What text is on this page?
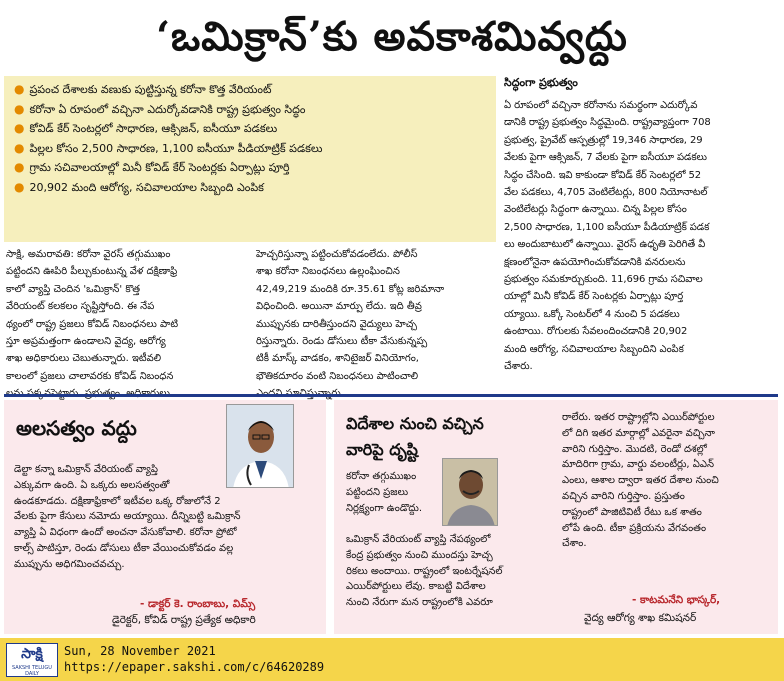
‘ఒమిక్రాన్’కు అవకాశమివ్వద్దు
● ప్రపంచ దేశాలకు వణుకు పుట్టిస్తున్న కరోనా కొత్త వేరియంట్
● కరోనా ఏ రూపంలో వచ్చినా ఎదుర్కోవడానికి రాష్ట్ర ప్రభుత్వం సిద్ధం
● కోవిడ్ కేర్ సెంటర్లలో సాధారణ, ఆక్సిజన్, ఐసీయూ పడకలు
● పిల్లల కోసం 2,500 సాధారణ, 1,100 ఐసీయూ పీడియాట్రిక్ పడకలు
● గ్రామ సచివాలయాల్లో మినీ కోవిడ్ కేర్ సెంటర్లకు ఏర్పాట్లు పూర్తి
● 20,902 మంది ఆరోగ్య, సచివాలయాల సిబ్బంది ఎంపిక

సాక్షి, అమరావతి: కరోనా వైరస్ తగ్గుముఖం

పట్టిందని ఊపిరి పీల్చుకుంటున్న వేళ దక్షిణాఫ్రి

కాలో వ్యాప్తి చెందిన 'ఒమిక్రాన్' కొత్త

వేరియంట్ కలకలం సృష్టిస్తోంది. ఈ నేప

థ్యంలో రాష్ట్ర ప్రజలు కోవిడ్ నిబంధనలు పాటి

స్తూ అప్రమత్తంగా ఉండాలని వైద్య, ఆరోగ్య

శాఖ అధికారులు చెబుతున్నారు. ఇటీవలి

కాలంలో ప్రజలు చాలావరకు కోవిడ్ నిబంధన

హెచ్చరిస్తున్నా పట్టించుకోవడంలేదు. పోలీస్

శాఖ కరోనా నిబంధనలు ఉల్లంఘించిన

42,49,219 మందికి రూ.35.61 కోట్ల జరిమానా

విధించింది. అయినా మార్పు లేదు. ఇది తీవ్ర

ముప్పునకు దారితీస్తుందని వైద్యులు హెచ్చ

రిస్తున్నారు. రెండు డోసులు టీకా వేసుకున్నప్ప

టికీ మాస్క్ వాడకం, శానిటైజర్ వినియోగం,

భౌతికదూరం వంటి నిబంధనలు పాటించాలి

సిద్ధంగా ప్రభుత్వం

ఏ రూపంలో వచ్చినా కరోనాను సమర్థంగా ఎదుర్కోవ

డానికి రాష్ట్ర ప్రభుత్వం సిద్ధమైంది. రాష్ట్రవ్యాప్తంగా 708

ప్రభుత్వ, ప్రైవేట్ ఆస్పత్రుల్లో 19,346 సాధారణ, 29

వేలకు పైగా ఆక్సిజన్, 7 వేలకు పైగా ఐసీయూ పడకలు

సిద్ధం చేసింది. ఇవి కాకుండా కోవిడ్ కేర్ సెంటర్లలో 52

వేల పడకలు, 4,705 వెంటిలేటర్లు, 800 నియోనాటల్

వెంటిలేటర్లు సిద్ధంగా ఉన్నాయి. చిన్న పిల్లల కోసం

2,500 సాధారణ, 1,100 ఐసీయూ పీడియాట్రిక్ పడక

లు అందుబాటులో ఉన్నాయి. వైరస్ ఉధృతి పెరిగితే వీ

క్షణంలోనైనా ఉపయోగించుకోవడానికి వనరులను

ప్రభుత్వం సమకూర్చుకుంది. 11,696 గ్రామ సచివాల

యాల్లో మినీ కోవిడ్ కేర్ సెంటర్లకు ఏర్పాట్లు పూర్త

య్యాయి. ఒక్కో సెంటర్‌లో 4 నుంచి 5 పడకలు

ఉంటాయి. రోగులకు సేవలందించడానికి 20,902

మంది ఆరోగ్య, సచివాలయాల సిబ్బందిని ఎంపిక

చేశారు.

అలసత్వం వద్దు

డెల్టా కన్నా ఒమిక్రాన్ వేరియంట్ వ్యాప్తి

ఎక్కువగా ఉంది. ఏ ఒక్కరు అలసత్వంతో

ఉండకూడదు. దక్షిణాఫ్రికాలో ఇటీవల ఒక్క రోజులోనే 2

వేలకు పైగా కేసులు నమోదు అయ్యాయి. దీన్నిబట్టి ఒమిక్రాన్

వ్యాప్తి ఏ విధంగా ఉందో అంచనా వేసుకోవాలి. కరోనా ప్రోటో

కాల్స్ పాటిస్తూ, రెండు డోసులు టీకా వేయించుకోవడం వల్ల

ముప్పును అధిగమించవచ్చు.

- డాక్టర్ కె. రాంబాబు, విమ్స్
డైరెక్టర్, కోవిడ్ రాష్ట్ర ప్రత్యేక అధికారి
విదేశాల నుంచి వచ్చిన
వారిపై దృష్టి

కరోనా తగ్గుముఖం

పట్టిందని ప్రజలు

నిర్లక్ష్యంగా ఉండొద్దు.

ఒమిక్రాన్ వేరియంట్ వ్యాప్తి నేపథ్యంలో

కేంద్ర ప్రభుత్వం నుంచి ముందస్తు హెచ్చ

రికలు అందాయి. రాష్ట్రంలో ఇంటర్నేషనల్

ఎయిర్‌పోర్టులు లేవు. కాబట్టి విదేశాల

నుంచి నేరుగా మన రాష్ట్రంలోకి ఎవరూ

రాలేరు. ఇతర రాష్ట్రాల్లోని ఎయిర్‌పోర్టుల

లో దిగి ఇతర మార్గాల్లో ఎవరైనా వచ్చినా

వారిని గుర్తిస్తాం. మొదటి, రెండో దశల్లో

మాదిరిగా గ్రామ, వార్డు వలంటీర్లు, ఏఎన్

ఎంలు, ఆశాల ద్వారా ఇతర దేశాల నుంచి

వచ్చిన వారిని గుర్తిస్తాం. ప్రస్తుతం

రాష్ట్రంలో పాజిటివిటీ రేటు ఒక శాతం

లోపే ఉంది. టీకా ప్రక్రియను వేగవంతం

చేశాం.

- కాటమనేని భాస్కర్,
వైద్య ఆరోగ్య శాఖ కమిషనర్
సాక్షి
SAKSHI TELUGU DAILY
Sun, 28 November 2021
https://epaper.sakshi.com/c/64620289
